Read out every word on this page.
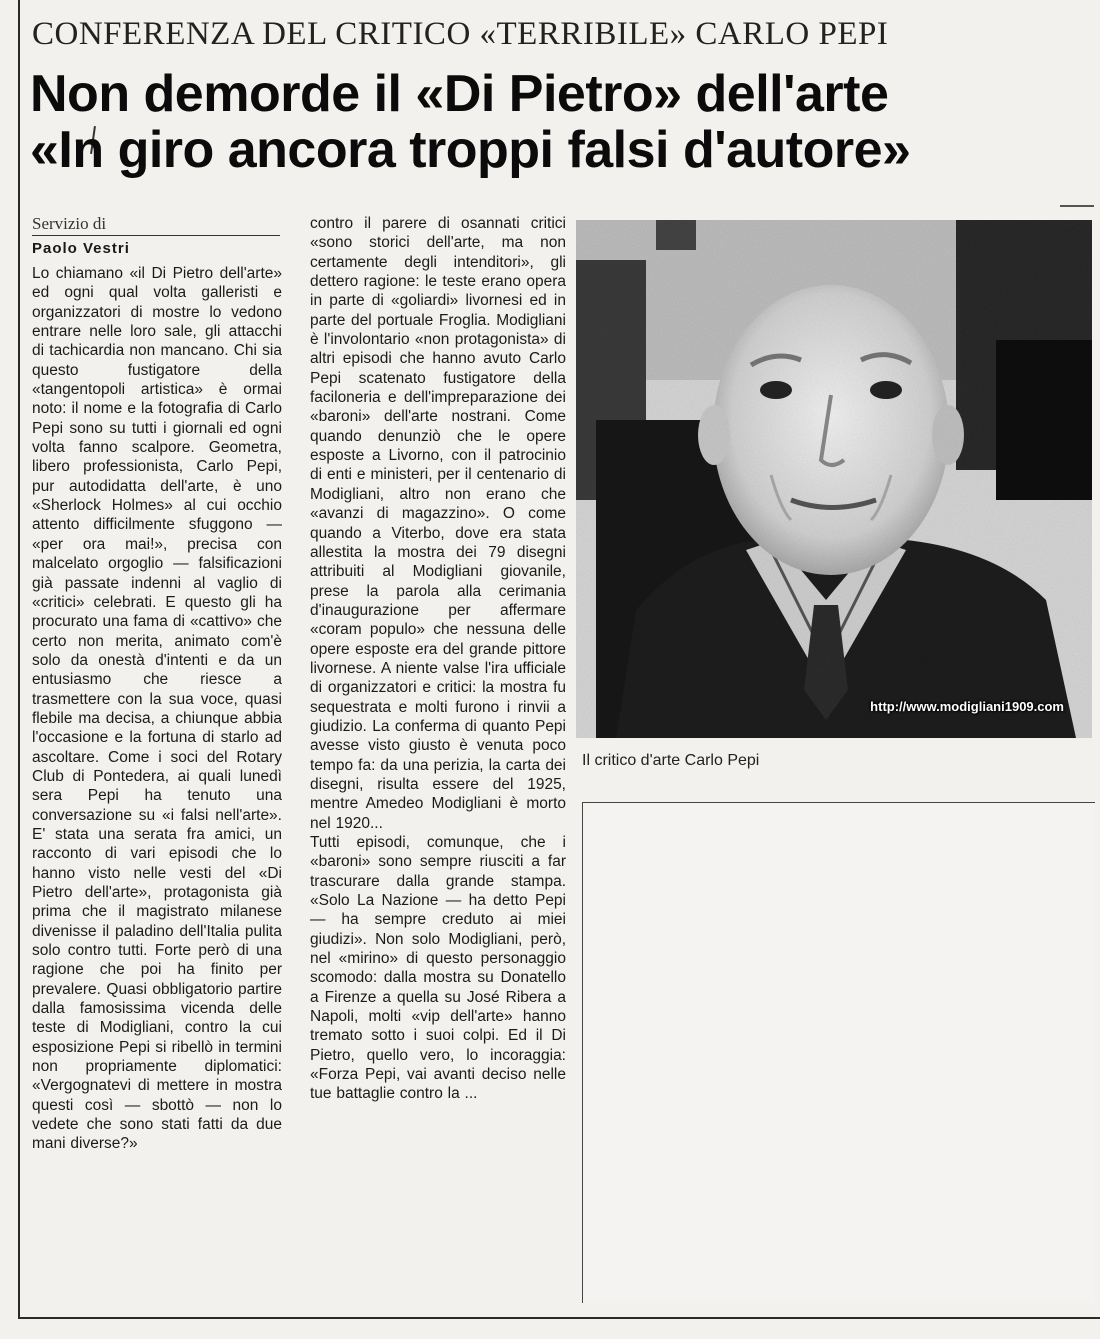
CONFERENZA DEL CRITICO «TERRIBILE» CARLO PEPI
Non demorde il «Di Pietro» dell'arte
«In giro ancora troppi falsi d'autore»
Servizio di
Paolo Vestri

Lo chiamano «il Di Pietro dell'arte» ed ogni qual volta galleristi e organizzatori di mostre lo vedono entrare nelle loro sale, gli attacchi di tachicardia non mancano. Chi sia questo fustigatore della «tangentopoli artistica» è ormai noto: il nome e la fotografia di Carlo Pepi sono su tutti i giornali ed ogni volta fanno scalpore. Geometra, libero professionista, Carlo Pepi, pur autodidatta dell'arte, è uno «Sherlock Holmes» al cui occhio attento difficilmente sfuggono — «per ora mai!», precisa con malcelato orgoglio — falsificazioni già passate indenni al vaglio di «critici» celebrati. E questo gli ha procurato una fama di «cattivo» che certo non merita, animato com'è solo da onestà d'intenti e da un entusiasmo che riesce a trasmettere con la sua voce, quasi flebile ma decisa, a chiunque abbia l'occasione e la fortuna di starlo ad ascoltare. Come i soci del Rotary Club di Pontedera, ai quali lunedì sera Pepi ha tenuto una conversazione su «i falsi nell'arte». E' stata una serata fra amici, un racconto di vari episodi che lo hanno visto nelle vesti del «Di Pietro dell'arte», protagonista già prima che il magistrato milanese divenisse il paladino dell'Italia pulita solo contro tutti. Forte però di una ragione che poi ha finito per prevalere. Quasi obbligatorio partire dalla famosissima vicenda delle teste di Modigliani, contro la cui esposizione Pepi si ribellò in termini non propriamente diplomatici: «Vergognatevi di mettere in mostra questi così — sbottò — non lo vedete che sono stati fatti da due mani diverse?»

contro il parere di osannati critici «sono storici dell'arte, ma non certamente degli intenditori», gli dettero ragione: le teste erano opera in parte di «goliardi» livornesi ed in parte del portuale Froglia. Modigliani è l'involontario «non protagonista» di altri episodi che hanno avuto Carlo Pepi scatenato fustigatore della faciloneria e dell'impreparazione dei «baroni» dell'arte nostrani. Come quando denunziò che le opere esposte a Livorno, con il patrocinio di enti e ministeri, per il centenario di Modigliani, altro non erano che «avanzi di magazzino». O come quando a Viterbo, dove era stata allestita la mostra dei 79 disegni attribuiti al Modigliani giovanile, prese la parola alla cerimania d'inaugurazione per affermare «coram populo» che nessuna delle opere esposte era del grande pittore livornese. A niente valse l'ira ufficiale di organizzatori e critici: la mostra fu sequestrata e molti furono i rinvii a giudizio. La conferma di quanto Pepi avesse visto giusto è venuta poco tempo fa: da una perizia, la carta dei disegni, risulta essere del 1925, mentre Amedeo Modigliani è morto nel 1920...

Tutti episodi, comunque, che i «baroni» sono sempre riusciti a far trascurare dalla grande stampa. «Solo La Nazione — ha detto Pepi — ha sempre creduto ai miei giudizi». Non solo Modigliani, però, nel «mirino» di questo personaggio scomodo: dalla mostra su Donatello a Firenze a quella su José Ribera a Napoli, molti «vip dell'arte» hanno tremato sotto i suoi colpi. Ed il Di Pietro, quello vero, lo incoraggia: «Forza Pepi, vai avanti deciso nelle tue battaglie contro la ...

http://www.modigliani1909.com
Il critico d'arte Carlo Pepi
